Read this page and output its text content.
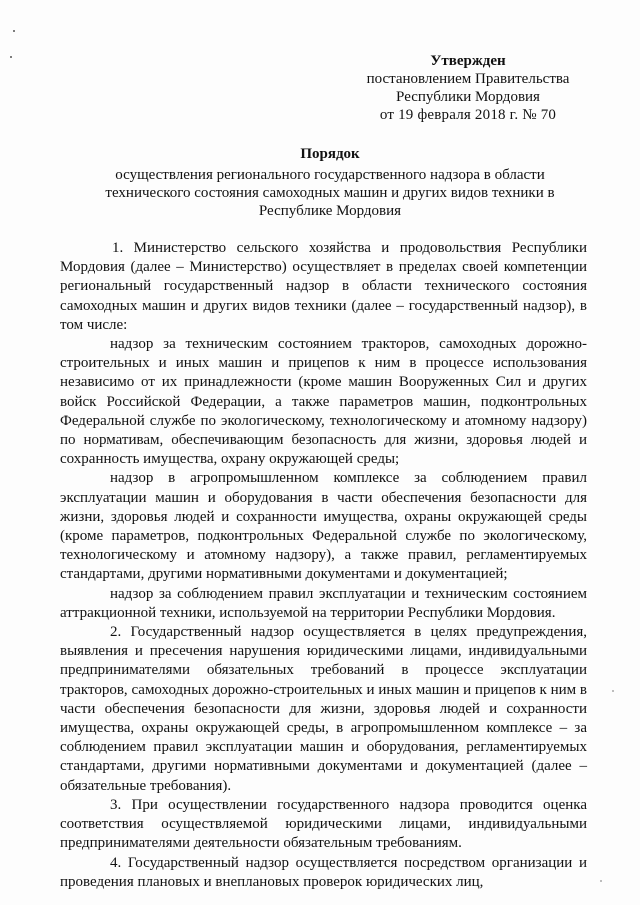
Утвержден
постановлением Правительства
Республики Мордовия
от 19 февраля 2018 г. № 70
Порядок
осуществления регионального государственного надзора в области технического состояния самоходных машин и других видов техники в Республике Мордовия

1. Министерство сельского хозяйства и продовольствия Республики Мордовия (далее – Министерство) осуществляет в пределах своей компетенции региональный государственный надзор в области технического состояния самоходных машин и других видов техники (далее – государственный надзор), в том числе:

надзор за техническим состоянием тракторов, самоходных дорожно-строительных и иных машин и прицепов к ним в процессе использования независимо от их принадлежности (кроме машин Вооруженных Сил и других войск Российской Федерации, а также параметров машин, подконтрольных Федеральной службе по экологическому, технологическому и атомному надзору) по нормативам, обеспечивающим безопасность для жизни, здоровья людей и сохранность имущества, охрану окружающей среды;

надзор в агропромышленном комплексе за соблюдением правил эксплуатации машин и оборудования в части обеспечения безопасности для жизни, здоровья людей и сохранности имущества, охраны окружающей среды (кроме параметров, подконтрольных Федеральной службе по экологическому, технологическому и атомному надзору), а также правил, регламентируемых стандартами, другими нормативными документами и документацией;

надзор за соблюдением правил эксплуатации и техническим состоянием аттракционной техники, используемой на территории Республики Мордовия.

2. Государственный надзор осуществляется в целях предупреждения, выявления и пресечения нарушения юридическими лицами, индивидуальными предпринимателями обязательных требований в процессе эксплуатации тракторов, самоходных дорожно-строительных и иных машин и прицепов к ним в части обеспечения безопасности для жизни, здоровья людей и сохранности имущества, охраны окружающей среды, в агропромышленном комплексе – за соблюдением правил эксплуатации машин и оборудования, регламентируемых стандартами, другими нормативными документами и документацией (далее – обязательные требования).

3. При осуществлении государственного надзора проводится оценка соответствия осуществляемой юридическими лицами, индивидуальными предпринимателями деятельности обязательным требованиям.

4. Государственный надзор осуществляется посредством организации и проведения плановых и внеплановых проверок юридических лиц,
